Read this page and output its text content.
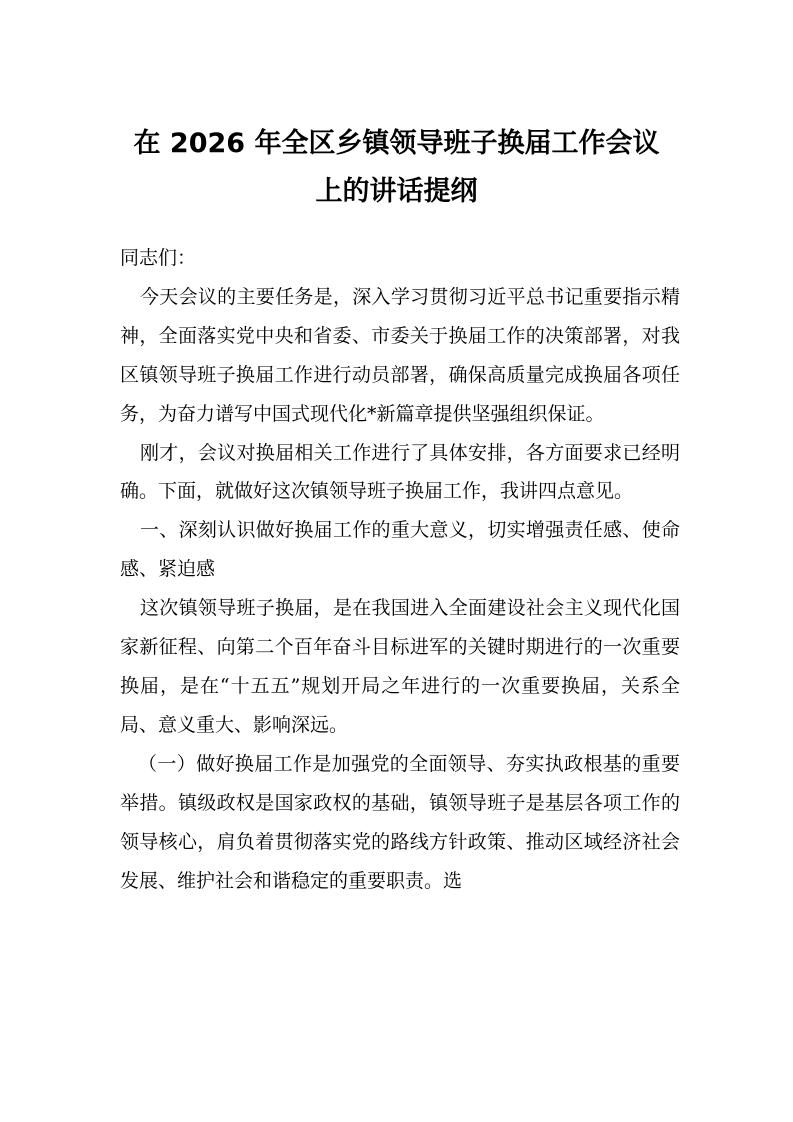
在 2026 年全区乡镇领导班子换届工作会议
上的讲话提纲

同志们：

今天会议的主要任务是，深入学习贯彻习近平总书记重要指示精神，全面落实党中央和省委、市委关于换届工作的决策部署，对我区镇领导班子换届工作进行动员部署，确保高质量完成换届各项任务，为奋力谱写中国式现代化*新篇章提供坚强组织保证。

刚才，会议对换届相关工作进行了具体安排，各方面要求已经明确。下面，就做好这次镇领导班子换届工作，我讲四点意见。

一、深刻认识做好换届工作的重大意义，切实增强责任感、使命感、紧迫感

这次镇领导班子换届，是在我国进入全面建设社会主义现代化国家新征程、向第二个百年奋斗目标进军的关键时期进行的一次重要换届，是在“十五五”规划开局之年进行的一次重要换届，关系全局、意义重大、影响深远。

（一）做好换届工作是加强党的全面领导、夯实执政根基的重要举措。镇级政权是国家政权的基础，镇领导班子是基层各项工作的领导核心，肩负着贯彻落实党的路线方针政策、推动区域经济社会发展、维护社会和谐稳定的重要职责。选
